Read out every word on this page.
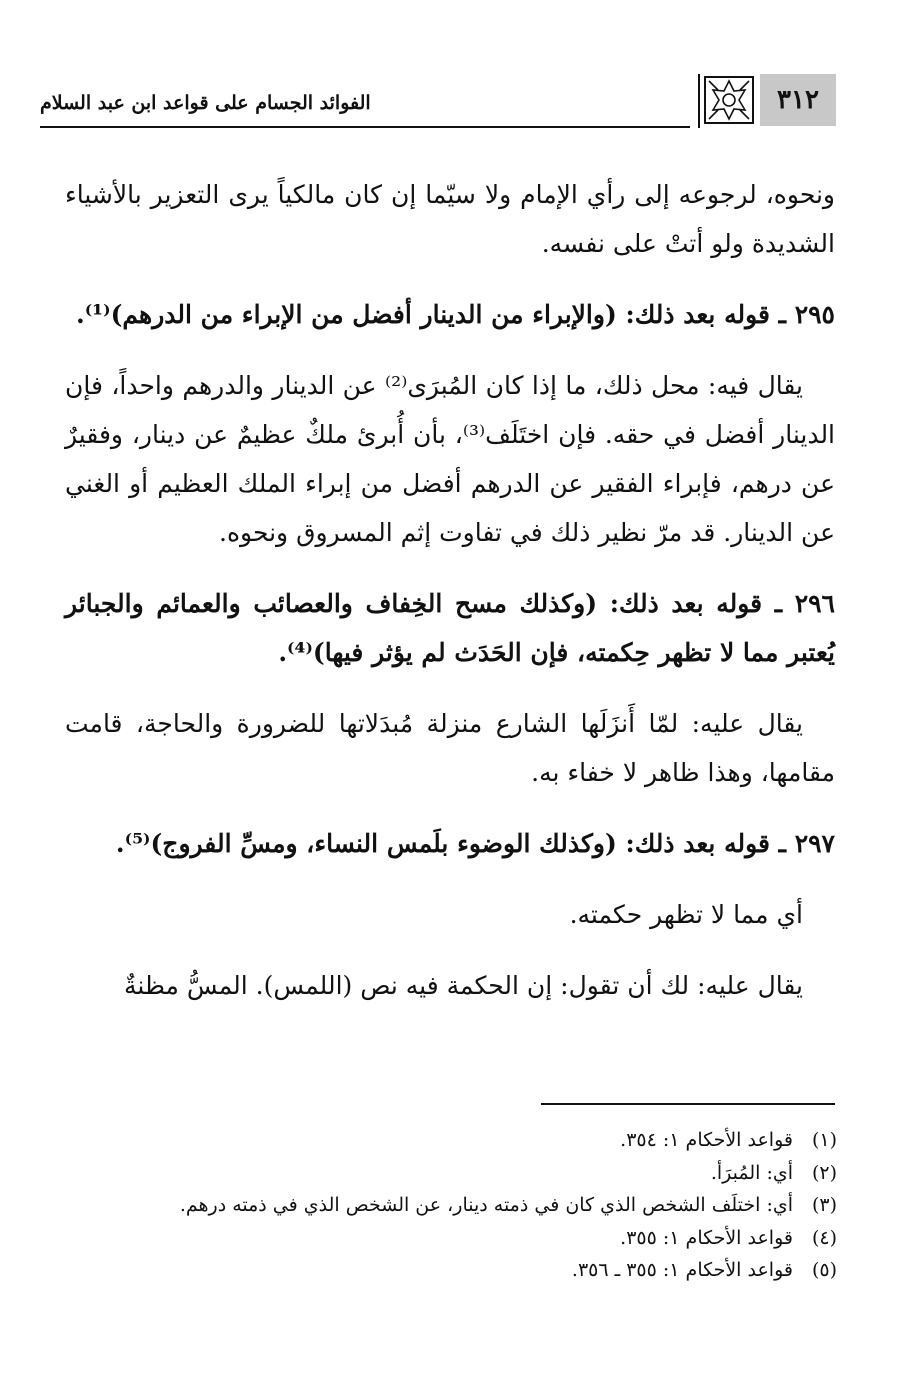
٣١٢
الفوائد الجسام على قواعد ابن عبد السلام

ونحوه، لرجوعه إلى رأي الإمام ولا سيّما إن كان مالكياً يرى التعزير بالأشياء الشديدة ولو أتتْ على نفسه.

٢٩٥ ـ قوله بعد ذلك: (والإبراء من الدينار أفضل من الإبراء من الدرهم)⁽¹⁾.

يقال فيه: محل ذلك، ما إذا كان المُبرَى⁽²⁾ عن الدينار والدرهم واحداً، فإن الدينار أفضل في حقه. فإن اختَلَف⁽³⁾، بأن أُبرئ ملكٌ عظيمٌ عن دينار، وفقيرٌ عن درهم، فإبراء الفقير عن الدرهم أفضل من إبراء الملك العظيم أو الغني عن الدينار. قد مرّ نظير ذلك في تفاوت إثم المسروق ونحوه.

٢٩٦ ـ قوله بعد ذلك: (وكذلك مسح الخِفاف والعصائب والعمائم والجبائر يُعتبر مما لا تظهر حِكمته، فإن الحَدَث لم يؤثر فيها)⁽⁴⁾.

يقال عليه: لمّا أَنزَلَها الشارع منزلة مُبدَلاتها للضرورة والحاجة، قامت مقامها، وهذا ظاهر لا خفاء به.

٢٩٧ ـ قوله بعد ذلك: (وكذلك الوضوء بلَمس النساء، ومسِّ الفروج)⁽⁵⁾.

أي مما لا تظهر حكمته.

يقال عليه: لك أن تقول: إن الحكمة فيه نص (اللمس). المسُّ مظنةٌ

(١)
قواعد الأحكام ١: ٣٥٤.
(٢)
أي: المُبرَأ.
(٣)
أي: اختلَف الشخص الذي كان في ذمته دينار، عن الشخص الذي في ذمته درهم.
(٤)
قواعد الأحكام ١: ٣٥٥.
(٥)
قواعد الأحكام ١: ٣٥٥ ـ ٣٥٦.
